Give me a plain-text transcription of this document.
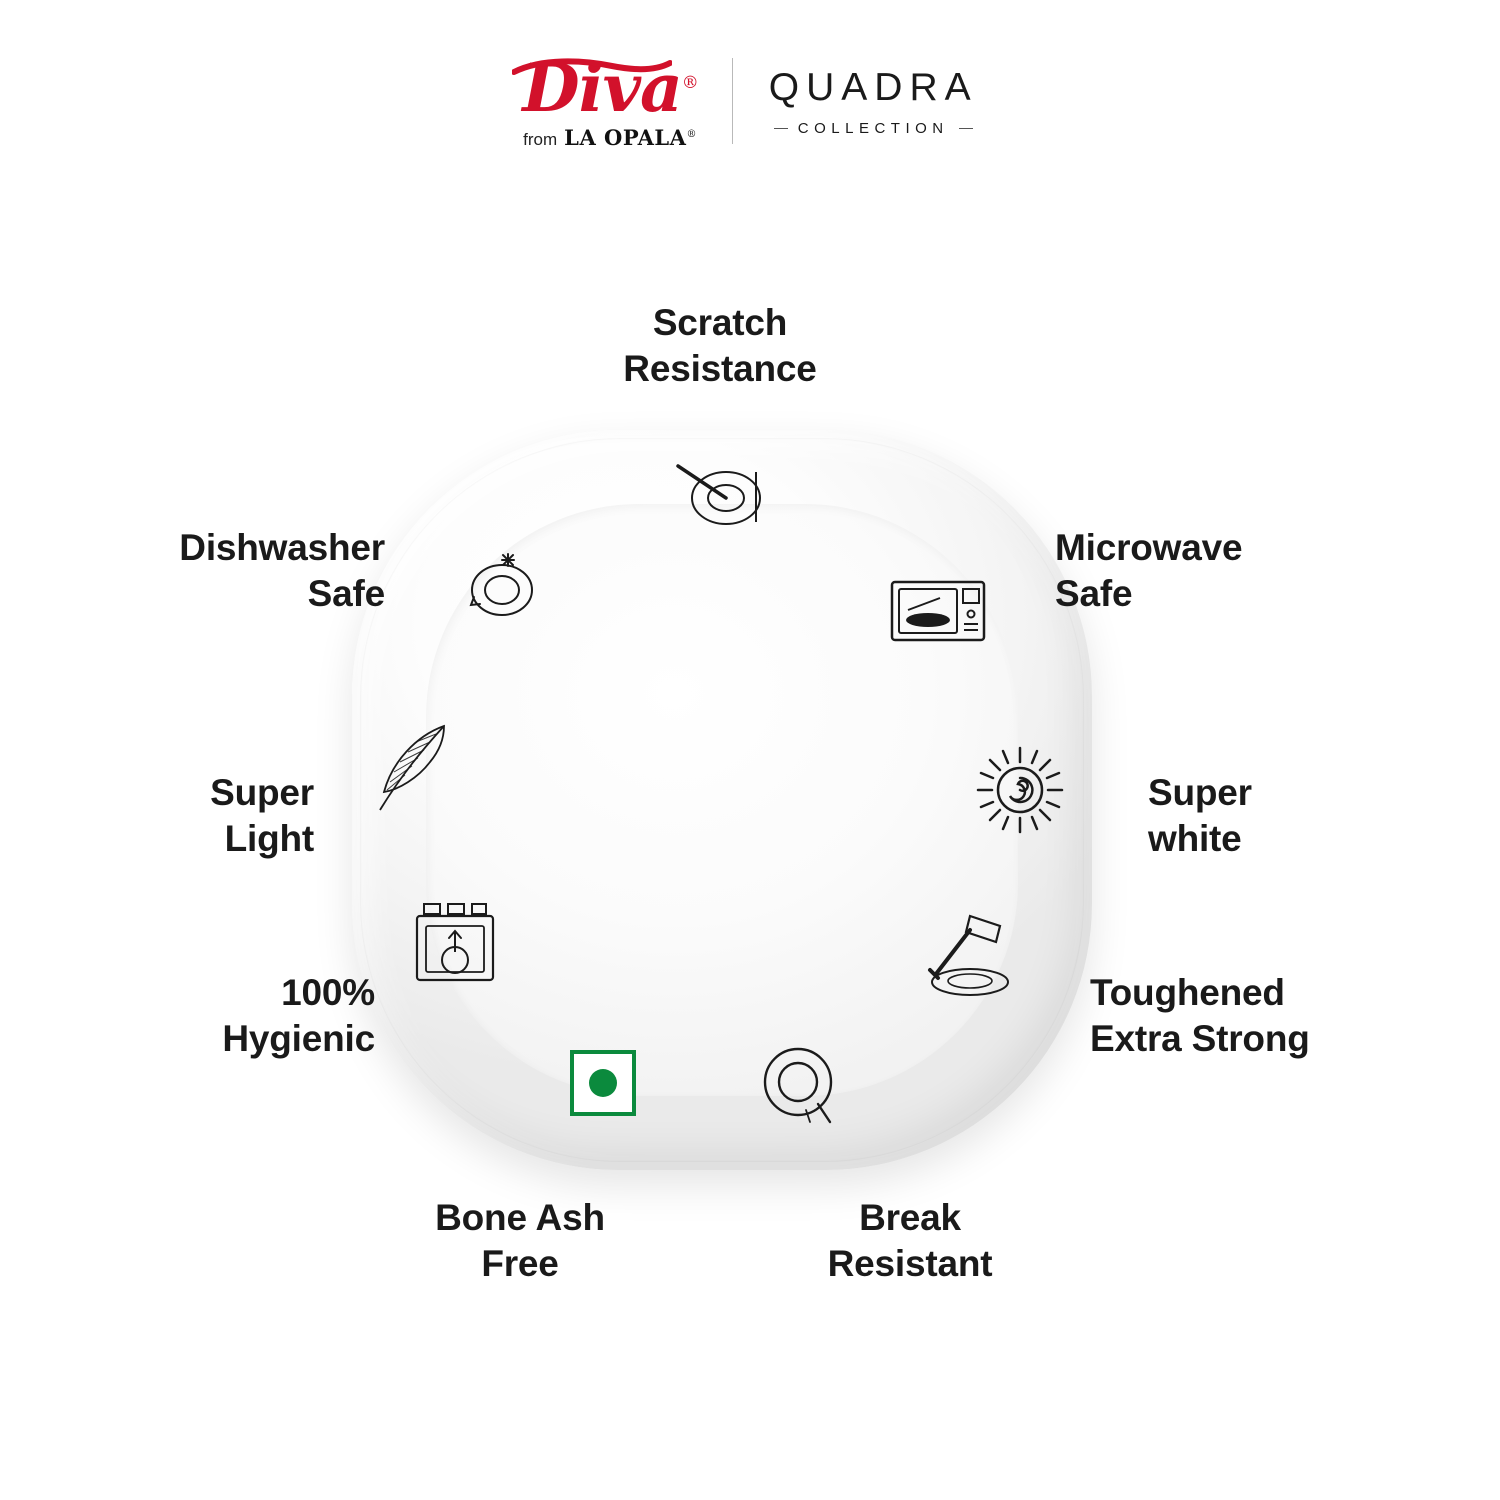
Diva®
from LA OPALA®
QUADRA
COLLECTION
Scratch
Resistance
Dishwasher
Safe
Microwave
Safe
Super
Light
Super
white
100%
Hygienic
Toughened
Extra Strong
Bone Ash
Free
Break
Resistant
